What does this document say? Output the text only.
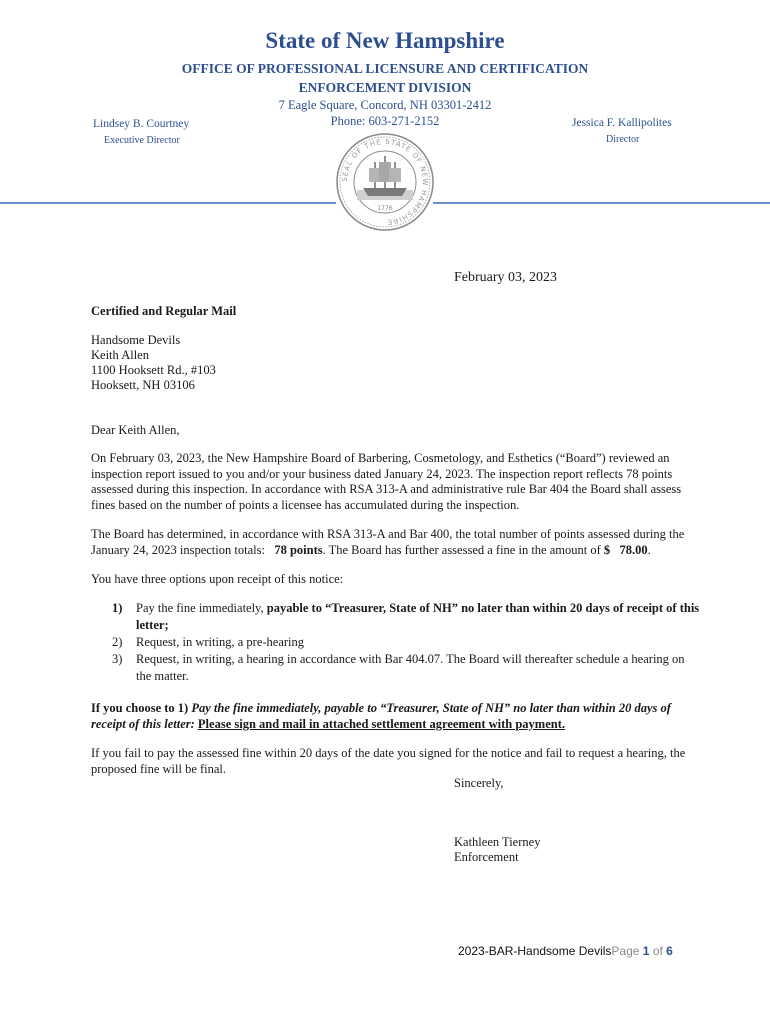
State of New Hampshire
OFFICE OF PROFESSIONAL LICENSURE AND CERTIFICATION
ENFORCEMENT DIVISION
7 Eagle Square, Concord, NH 03301-2412
Phone: 603-271-2152
Lindsey B. Courtney
Executive Director
Jessica F. Kallipolites
Director
SEAL OF THE STATE OF NEW HAMPSHIRE
1776
February 03, 2023
Certified and Regular Mail
Handsome Devils
Keith Allen
1100 Hooksett Rd., #103
Hooksett, NH 03106
Dear Keith Allen,
On February 03, 2023, the New Hampshire Board of Barbering, Cosmetology, and Esthetics (“Board”) reviewed an inspection report issued to you and/or your business dated January 24, 2023. The inspection report reflects 78 points assessed during this inspection. In accordance with RSA 313-A and administrative rule Bar 404 the Board shall assess fines based on the number of points a licensee has accumulated during the inspection.
The Board has determined, in accordance with RSA 313-A and Bar 400, the total number of points assessed during the January 24, 2023 inspection totals: 78 points. The Board has further assessed a fine in the amount of $   78.00.
You have three options upon receipt of this notice:
1) Pay the fine immediately, payable to “Treasurer, State of NH” no later than within 20 days of receipt of this letter;
2) Request, in writing, a pre-hearing
3) Request, in writing, a hearing in accordance with Bar 404.07. The Board will thereafter schedule a hearing on the matter.
If you choose to 1) Pay the fine immediately, payable to “Treasurer, State of NH” no later than within 20 days of receipt of this letter: Please sign and mail in attached settlement agreement with payment.
If you fail to pay the assessed fine within 20 days of the date you signed for the notice and fail to request a hearing, the proposed fine will be final.
Sincerely,
Kathleen Tierney
Enforcement
2023-BAR-Handsome DevilsPage 1 of 6
